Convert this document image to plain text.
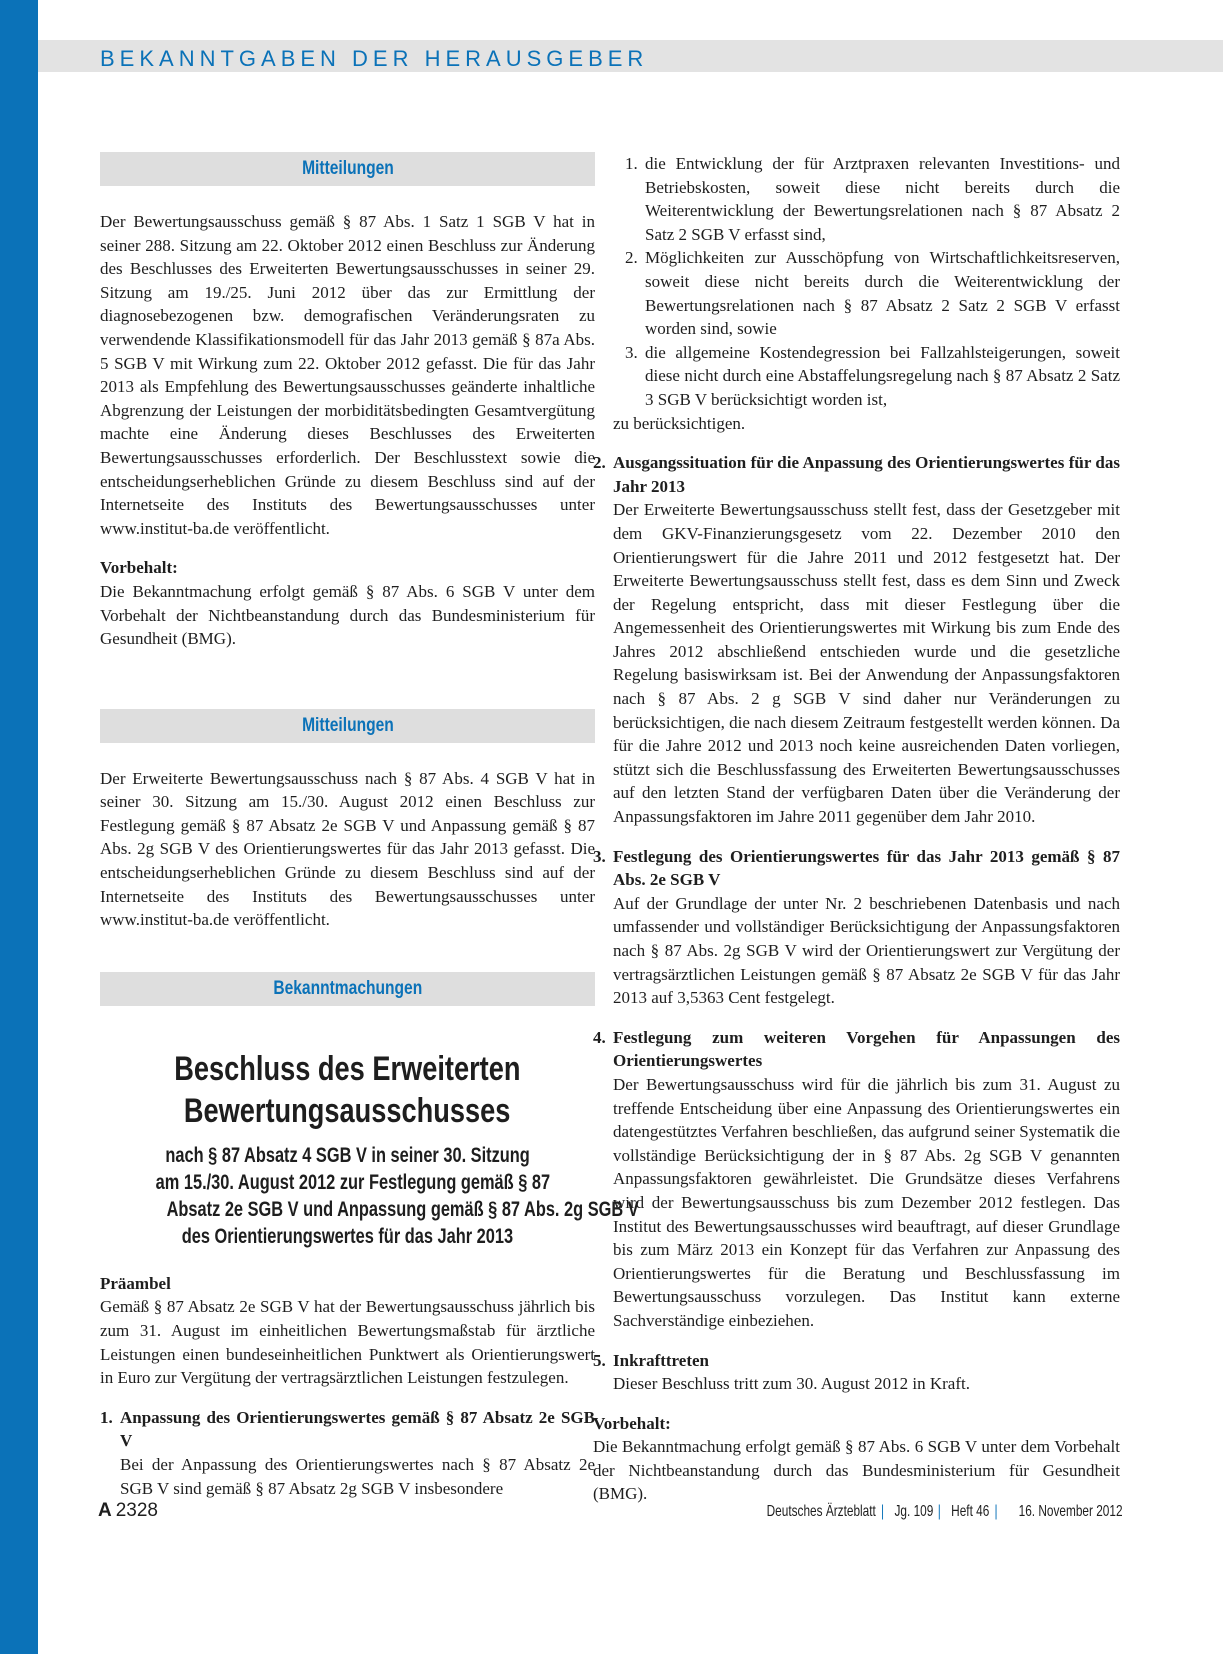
BEKANNTGABEN DER HERAUSGEBER
Mitteilungen

Der Bewertungsausschuss gemäß § 87 Abs. 1 Satz 1 SGB V hat in seiner 288. Sitzung am 22. Oktober 2012 einen Beschluss zur Änderung des Beschlusses des Erweiterten Bewertungsausschusses in seiner 29. Sitzung am 19./25. Juni 2012 über das zur Ermittlung der diagnosebezogenen bzw. demografischen Veränderungsraten zu verwendende Klassifikationsmodell für das Jahr 2013 gemäß § 87a Abs. 5 SGB V mit Wirkung zum 22. Oktober 2012 gefasst. Die für das Jahr 2013 als Empfehlung des Bewertungsausschusses geänderte inhaltliche Abgrenzung der Leistungen der morbiditätsbedingten Gesamtvergütung machte eine Änderung dieses Beschlusses des Erweiterten Bewertungsausschusses erforderlich. Der Beschlusstext sowie die entscheidungserheblichen Gründe zu diesem Beschluss sind auf der Internetseite des Instituts des Bewertungsausschusses unter www.institut-ba.de veröffentlicht.

Vorbehalt:

Die Bekanntmachung erfolgt gemäß § 87 Abs. 6 SGB V unter dem Vorbehalt der Nichtbeanstandung durch das Bundesministerium für Gesundheit (BMG).

Mitteilungen

Der Erweiterte Bewertungsausschuss nach § 87 Abs. 4 SGB V hat in seiner 30. Sitzung am 15./30. August 2012 einen Beschluss zur Festlegung gemäß § 87 Absatz 2e SGB V und Anpassung gemäß § 87 Abs. 2g SGB V des Orientierungswertes für das Jahr 2013 gefasst. Die entscheidungserheblichen Gründe zu diesem Beschluss sind auf der Internetseite des Instituts des Bewertungsausschusses unter www.institut-ba.de veröffentlicht.

Bekanntmachungen
Beschluss des Erweiterten
Bewertungsausschusses
nach § 87 Absatz 4 SGB V in seiner 30. Sitzung
am 15./30. August 2012 zur Festlegung gemäß § 87
Absatz 2e SGB V und Anpassung gemäß § 87 Abs. 2g SGB V
des Orientierungswertes für das Jahr 2013

Präambel

Gemäß § 87 Absatz 2e SGB V hat der Bewertungsausschuss jährlich bis zum 31. August im einheitlichen Bewertungsmaßstab für ärztliche Leistungen einen bundeseinheitlichen Punktwert als Orientierungswert in Euro zur Vergütung der vertragsärztlichen Leistungen festzulegen.

1. Anpassung des Orientierungswertes gemäß § 87 Absatz 2e SGB V

Bei der Anpassung des Orientierungswertes nach § 87 Absatz 2e SGB V sind gemäß § 87 Absatz 2g SGB V insbesondere

1. die Entwicklung der für Arztpraxen relevanten Investitions- und Betriebskosten, soweit diese nicht bereits durch die Weiterentwicklung der Bewertungsrelationen nach § 87 Absatz 2 Satz 2 SGB V erfasst sind,
2. Möglichkeiten zur Ausschöpfung von Wirtschaftlichkeitsreserven, soweit diese nicht bereits durch die Weiterentwicklung der Bewertungsrelationen nach § 87 Absatz 2 Satz 2 SGB V erfasst worden sind, sowie
3. die allgemeine Kostendegression bei Fallzahlsteigerungen, soweit diese nicht durch eine Abstaffelungsregelung nach § 87 Absatz 2 Satz 3 SGB V berücksichtigt worden ist,

zu berücksichtigen.

2. Ausgangssituation für die Anpassung des Orientierungswertes für das Jahr 2013

Der Erweiterte Bewertungsausschuss stellt fest, dass der Gesetzgeber mit dem GKV-Finanzierungsgesetz vom 22. Dezember 2010 den Orientierungswert für die Jahre 2011 und 2012 festgesetzt hat. Der Erweiterte Bewertungsausschuss stellt fest, dass es dem Sinn und Zweck der Regelung entspricht, dass mit dieser Festlegung über die Angemessenheit des Orientierungswertes mit Wirkung bis zum Ende des Jahres 2012 abschließend entschieden wurde und die gesetzliche Regelung basiswirksam ist. Bei der Anwendung der Anpassungsfaktoren nach § 87 Abs. 2 g SGB V sind daher nur Veränderungen zu berücksichtigen, die nach diesem Zeitraum festgestellt werden können. Da für die Jahre 2012 und 2013 noch keine ausreichenden Daten vorliegen, stützt sich die Beschlussfassung des Erweiterten Bewertungsausschusses auf den letzten Stand der verfügbaren Daten über die Veränderung der Anpassungsfaktoren im Jahre 2011 gegenüber dem Jahr 2010.

3. Festlegung des Orientierungswertes für das Jahr 2013 gemäß § 87 Abs. 2e SGB V

Auf der Grundlage der unter Nr. 2 beschriebenen Datenbasis und nach umfassender und vollständiger Berücksichtigung der Anpassungsfaktoren nach § 87 Abs. 2g SGB V wird der Orientierungswert zur Vergütung der vertragsärztlichen Leistungen gemäß § 87 Absatz 2e SGB V für das Jahr 2013 auf 3,5363 Cent festgelegt.

4. Festlegung zum weiteren Vorgehen für Anpassungen des Orientierungswertes

Der Bewertungsausschuss wird für die jährlich bis zum 31. August zu treffende Entscheidung über eine Anpassung des Orientierungswertes ein datengestütztes Verfahren beschließen, das aufgrund seiner Systematik die vollständige Berücksichtigung der in § 87 Abs. 2g SGB V genannten Anpassungsfaktoren gewährleistet. Die Grundsätze dieses Verfahrens wird der Bewertungsausschuss bis zum Dezember 2012 festlegen. Das Institut des Bewertungsausschusses wird beauftragt, auf dieser Grundlage bis zum März 2013 ein Konzept für das Verfahren zur Anpassung des Orientierungswertes für die Beratung und Beschlussfassung im Bewertungsausschuss vorzulegen. Das Institut kann externe Sachverständige einbeziehen.

5. Inkrafttreten

Dieser Beschluss tritt zum 30. August 2012 in Kraft.

Vorbehalt:

Die Bekanntmachung erfolgt gemäß § 87 Abs. 6 SGB V unter dem Vorbehalt der Nichtbeanstandung durch das Bundesministerium für Gesundheit (BMG).

A 2328	Deutsches Ärzteblatt | Jg. 109 | Heft 46 | 16. November 2012
